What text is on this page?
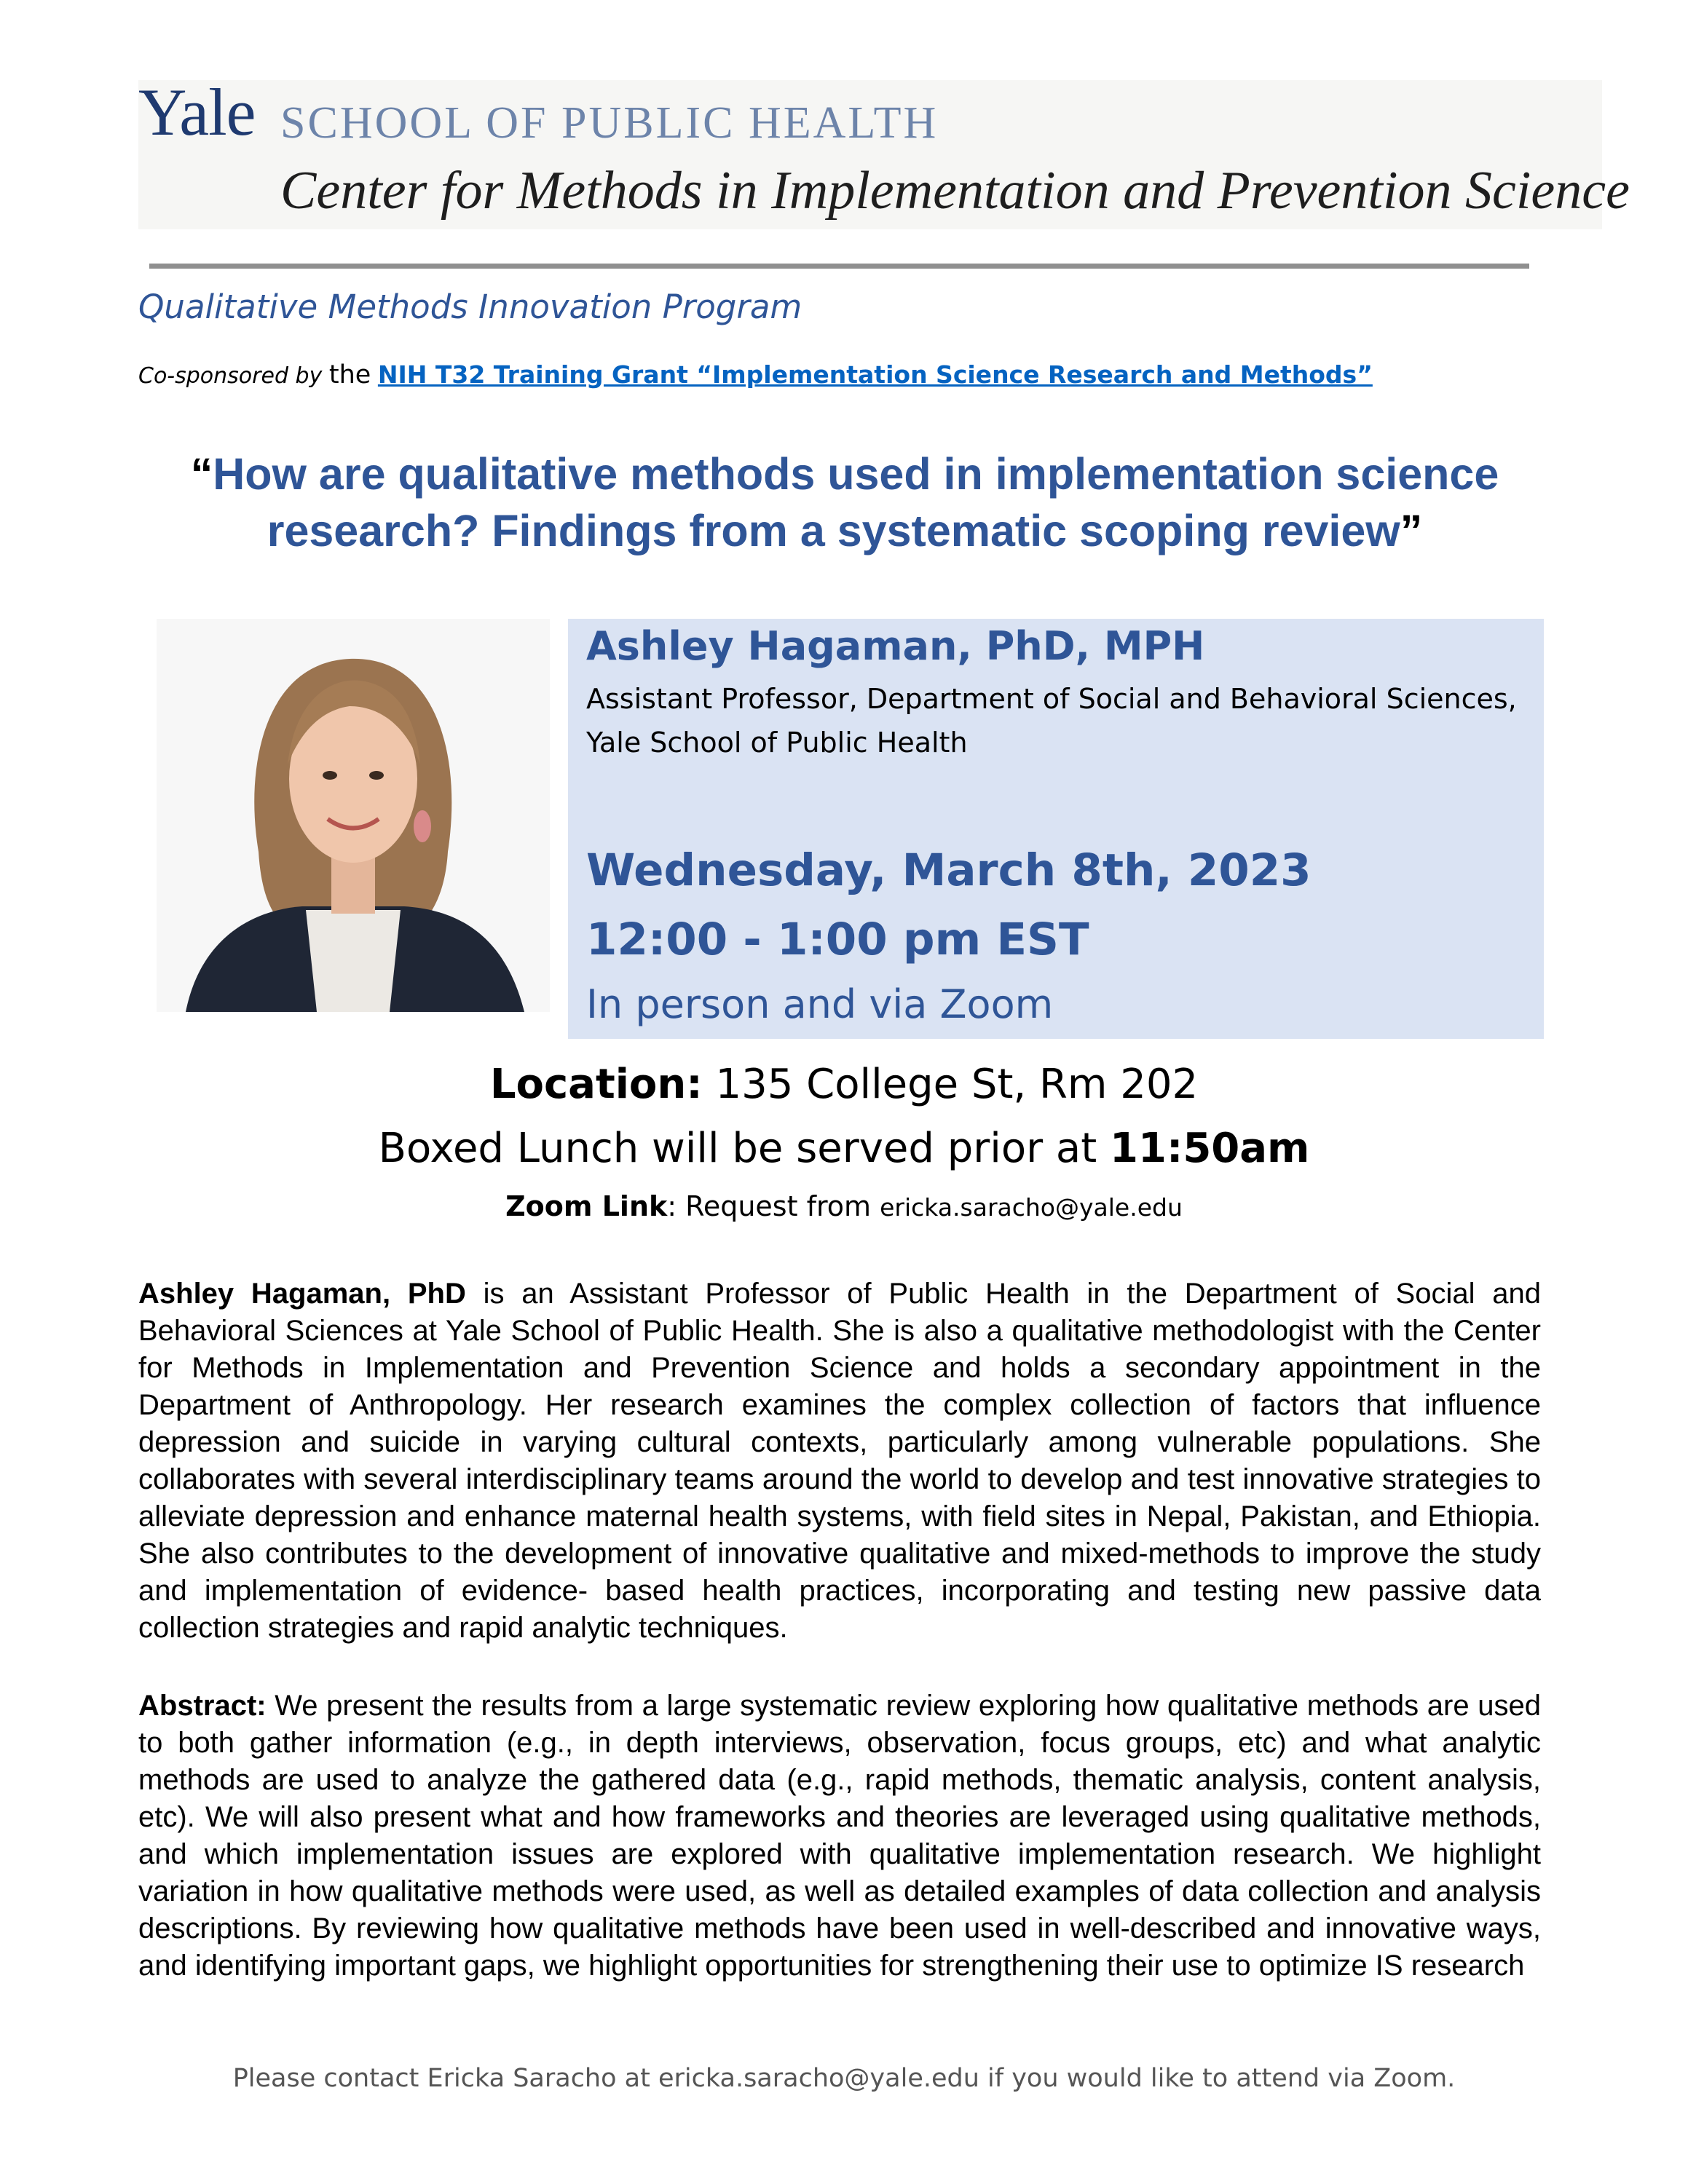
Yale SCHOOL OF PUBLIC HEALTH
Center for Methods in Implementation and Prevention Science
Qualitative Methods Innovation Program
Co-sponsored by the NIH T32 Training Grant “Implementation Science Research and Methods”
“How are qualitative methods used in implementation science research? Findings from a systematic scoping review”
Ashley Hagaman, PhD, MPH
Assistant Professor, Department of Social and Behavioral Sciences, Yale School of Public Health
Wednesday, March 8th, 2023
12:00 - 1:00 pm EST
In person and via Zoom
Location: 135 College St, Rm 202
Boxed Lunch will be served prior at 11:50am
Zoom Link: Request from ericka.saracho@yale.edu

Ashley Hagaman, PhD is an Assistant Professor of Public Health in the Department of Social and Behavioral Sciences at Yale School of Public Health. She is also a qualitative methodologist with the Center for Methods in Implementation and Prevention Science and holds a secondary appointment in the Department of Anthropology. Her research examines the complex collection of factors that influence depression and suicide in varying cultural contexts, particularly among vulnerable populations. She collaborates with several interdisciplinary teams around the world to develop and test innovative strategies to alleviate depression and enhance maternal health systems, with field sites in Nepal, Pakistan, and Ethiopia. She also contributes to the development of innovative qualitative and mixed-methods to improve the study and implementation of evidence- based health practices, incorporating and testing new passive data collection strategies and rapid analytic techniques.

Abstract: We present the results from a large systematic review exploring how qualitative methods are used to both gather information (e.g., in depth interviews, observation, focus groups, etc) and what analytic methods are used to analyze the gathered data (e.g., rapid methods, thematic analysis, content analysis, etc). We will also present what and how frameworks and theories are leveraged using qualitative methods, and which implementation issues are explored with qualitative implementation research. We highlight variation in how qualitative methods were used, as well as detailed examples of data collection and analysis descriptions. By reviewing how qualitative methods have been used in well-described and innovative ways, and identifying important gaps, we highlight opportunities for strengthening their use to optimize IS research

Please contact Ericka Saracho at ericka.saracho@yale.edu if you would like to attend via Zoom.
